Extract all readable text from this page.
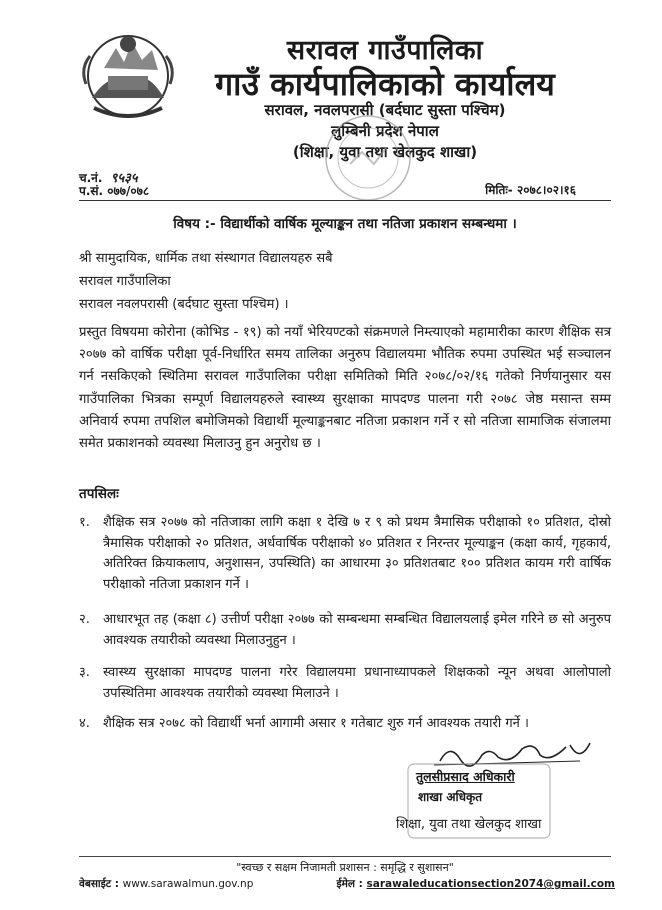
सरावल गाउँपालिका
गाउँ कार्यपालिकाको कार्यालय
सरावल, नवलपरासी (बर्दघाट सुस्ता पश्चिम)
लुम्बिनी प्रदेश नेपाल
(शिक्षा, युवा तथा खेलकुद शाखा)
च.नं. ९५३५
प.सं. ०७७/०७८	मितिः- २०७८।०२।१६
विषय :- विद्यार्थीको वार्षिक मूल्याङ्कन तथा नतिजा प्रकाशन सम्बन्धमा ।
श्री सामुदायिक, धार्मिक तथा संस्थागत विद्यालयहरु सबै
सरावल गाउँपालिका
सरावल नवलपरासी (बर्दघाट सुस्ता पश्चिम) ।
प्रस्तुत विषयमा कोरोना (कोभिड - १९) को नयाँ भेरियण्टको संक्रमणले निम्त्याएको महामारीका कारण शैक्षिक सत्र २०७७ को वार्षिक परीक्षा पूर्व-निर्धारित समय तालिका अनुरुप विद्यालयमा भौतिक रुपमा उपस्थित भई सञ्चालन गर्न नसकिएको स्थितिमा सरावल गाउँपालिका परीक्षा समितिको मिति २०७८/०२/१६ गतेको निर्णयानुसार यस गाउँपालिका भित्रका सम्पूर्ण विद्यालयहरुले स्वास्थ्य सुरक्षाका मापदण्ड पालना गरी २०७८ जेष्ठ मसान्त सम्म अनिवार्य रुपमा तपशिल बमोजिमको विद्यार्थी मूल्याङ्कनबाट नतिजा प्रकाशन गर्ने र सो नतिजा सामाजिक संजालमा समेत प्रकाशनको व्यवस्था मिलाउनु हुन अनुरोध छ ।
तपसिलः
१.	शैक्षिक सत्र २०७७ को नतिजाका लागि कक्षा १ देखि ७ र ९ को प्रथम त्रैमासिक परीक्षाको १० प्रतिशत, दोस्रो त्रैमासिक परीक्षाको २० प्रतिशत, अर्धवार्षिक परीक्षाको ४० प्रतिशत र निरन्तर मूल्याङ्कन (कक्षा कार्य, गृहकार्य, अतिरिक्त क्रियाकलाप, अनुशासन, उपस्थिति) का आधारमा ३० प्रतिशतबाट १०० प्रतिशत कायम गरी वार्षिक परीक्षाको नतिजा प्रकाशन गर्ने ।
२.	आधारभूत तह (कक्षा ८) उत्तीर्ण परीक्षा २०७७ को सम्बन्धमा सम्बन्धित विद्यालयलाई इमेल गरिने छ सो अनुरुप आवश्यक तयारीको व्यवस्था मिलाउनुहुन ।
३.	स्वास्थ्य सुरक्षाका मापदण्ड पालना गरेर विद्यालयमा प्रधानाध्यापकले शिक्षकको न्यून अथवा आलोपालो उपस्थितिमा आवश्यक तयारीको व्यवस्था मिलाउने ।
४.	शैक्षिक सत्र २०७८ को विद्यार्थी भर्ना आगामी असार १ गतेबाट शुरु गर्न आवश्यक तयारी गर्ने ।
तुलसीप्रसाद अधिकारी
शाखा अधिकृत
शिक्षा, युवा तथा खेलकुद शाखा
"स्वच्छ र सक्षम निजामती प्रशासन : समृद्धि र सुशासन"
वेबसाईट : www.sarawalmun.gov.np	ईमेल : sarawaleducationsection2074@gmail.com
